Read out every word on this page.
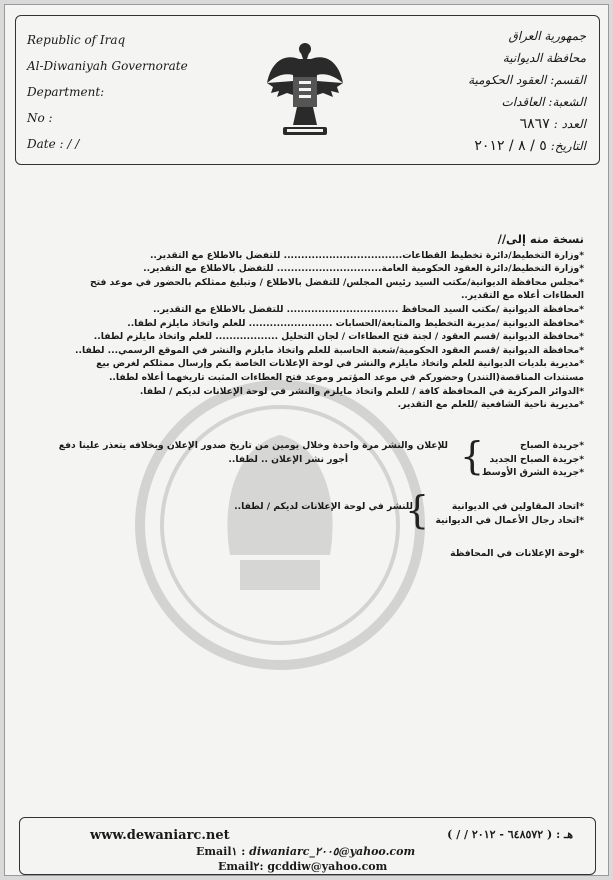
Republic of Iraq
Al-Diwaniyah Governorate
Department:
No :
Date : / /
جمهورية العراق
محافظة الديوانية
القسم: العقود الحكومية
الشعبة: العاقدات
العدد :٦٨٦٧
التاريخ:٥ / ٨ / ٢٠١٢
نسخة منه إلى//
*وزارة التخطيط/دائرة تخطيط القطاعات.................................. للتفضل بالاطلاع مع التقدير..
*وزارة التخطيط/دائرة العقود الحكومية العامة.............................. للتفضل بالاطلاع مع التقدير..
*مجلس محافظة الديوانية/مكتب السيد رئيس المجلس/ للتفضل بالاطلاع / وتبليغ ممثلكم بالحضور في موعد فتح
العطاءات أعلاه مع التقدير..
*محافظة الديوانية /مكتب السيد المحافظ ................................ للتفضل بالاطلاع مع التقدير..
*محافظة الديوانية /مديرية التخطيط والمتابعة/الحسابات ........................ للعلم واتخاذ مايلزم لطفا..
*محافظة الديوانية /قسم العقود / لجنة فتح العطاءات / لجان التحليل .................. للعلم واتخاذ مايلزم لطفا..
*محافظة الديوانية /قسم العقود الحكومية/شعبة الحاسبة للعلم واتخاذ مايلزم والنشر في الموقع الرسمي... لطفا..
*مديرية بلديات الديوانية للعلم واتخاذ مايلزم والنشر في لوحة الإعلانات الخاصة بكم وإرسال ممثلكم لغرض بيع
مستندات المناقصة(التندر) وحضوركم في موعد المؤتمر وموعد فتح العطاءات المثبت تاريخهما أعلاه لطفا..
*الدوائر المركزية في المحافظة كافة / للعلم واتخاذ مايلزم والنشر في لوحة الإعلانات لديكم / لطفا.
*مديرية ناحية الشافعية /للعلم مع التقدير.
*جريدة الصباح
*جريدة الصباح الجديد
*جريدة الشرق الأوسط
{
للإعلان والنشر مرة واحدة وخلال يومين من تاريخ صدور الإعلان وبخلافه يتعذر علينا دفع
أجور نشر الإعلان .. لطفا..
*اتحاد المقاولين في الديوانية
*اتحاد رجال الأعمال في الديوانية
{
للنشر في لوحة الإعلانات لديكم / لطفا..
*لوحة الإعلانات في المحافظة
www.dewaniarc.net	هـ : ( ٦٤٨٥٧٢ - ٢٠١٢ / / )
Email١ : diwaniarc_٢٠٠٥@yahoo.com
Email٢: gcddiw@yahoo.com
